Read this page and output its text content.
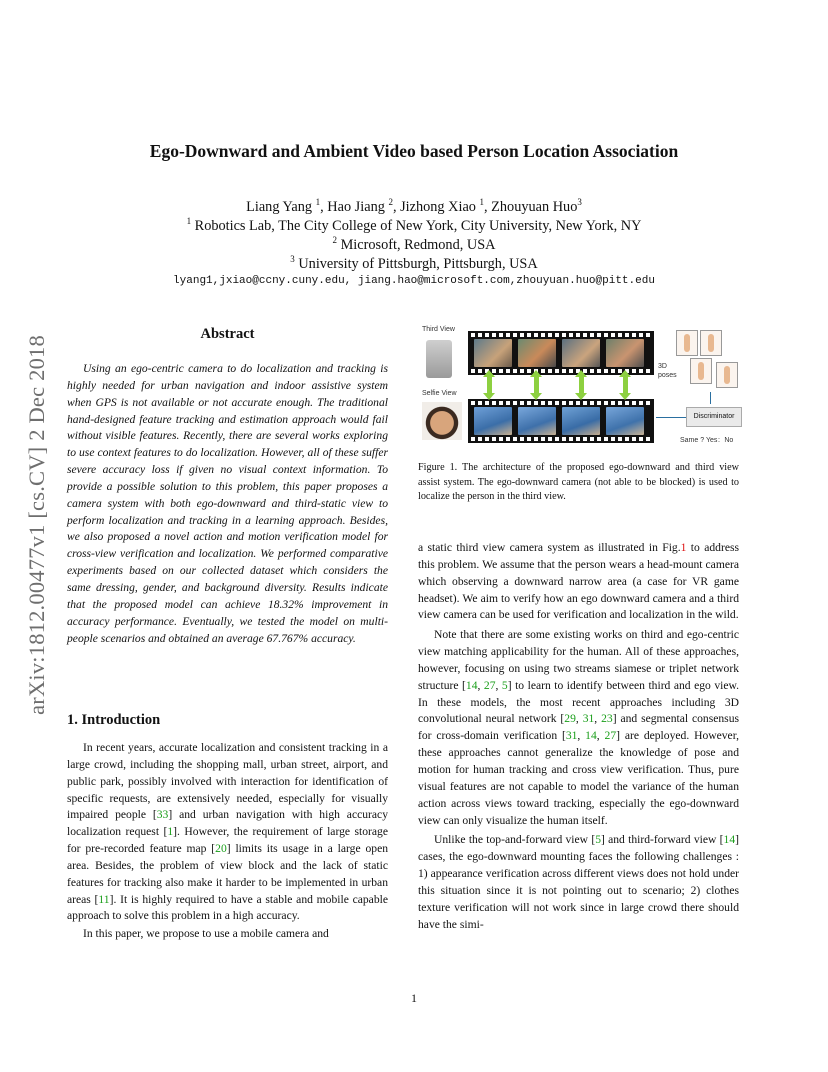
arXiv:1812.00477v1 [cs.CV] 2 Dec 2018
Ego-Downward and Ambient Video based Person Location Association
Liang Yang $^1$, Hao Jiang $^2$, Jizhong Xiao $^1$, Zhouyuan Huo$^3$
$^1$ Robotics Lab, The City College of New York, City University, New York, NY
$^2$ Microsoft, Redmond, USA
$^3$ University of Pittsburgh, Pittsburgh, USA
lyang1,jxiao@ccny.cuny.edu, jiang.hao@microsoft.com,zhouyuan.huo@pitt.edu
Abstract

Using an ego-centric camera to do localization and tracking is highly needed for urban navigation and indoor assistive system when GPS is not available or not accurate enough. The traditional hand-designed feature tracking and estimation approach would fail without visible features. Recently, there are several works exploring to use context features to do localization. However, all of these suffer severe accuracy loss if given no visual context information. To provide a possible solution to this problem, this paper proposes a camera system with both ego-downward and third-static view to perform localization and tracking in a learning approach. Besides, we also proposed a novel action and motion verification model for cross-view verification and localization. We performed comparative experiments based on our collected dataset which considers the same dressing, gender, and background diversity. Results indicate that the proposed model can achieve 18.32% improvement in accuracy performance. Eventually, we tested the model on multi-people scenarios and obtained an average 67.767% accuracy.

1. Introduction

In recent years, accurate localization and consistent tracking in a large crowd, including the shopping mall, urban street, airport, and public park, possibly involved with interaction for identification of specific requests, are extensively needed, especially for visually impaired people [33] and urban navigation with high accuracy localization request [1]. However, the requirement of large storage for pre-recorded feature map [20] limits its usage in a large open area. Besides, the problem of view block and the lack of static features for tracking also make it harder to be implemented in urban areas [11]. It is highly required to have a stable and mobile capable approach to solve this problem in a high accuracy.

In this paper, we propose to use a mobile camera and

Third View
Selfie View
3D
poses
Discriminator
Same ? Yes：No
Figure 1. The architecture of the proposed ego-downward and third view assist system. The ego-downward camera (not able to be blocked) is used to localize the person in the third view.

a static third view camera system as illustrated in Fig.1 to address this problem. We assume that the person wears a head-mount camera which observing a downward narrow area (a case for VR game headset). We aim to verify how an ego downward camera and a third view camera can be used for verification and localization in the wild.

Note that there are some existing works on third and ego-centric view matching applicability for the human. All of these approaches, however, focusing on using two streams siamese or triplet network structure [14, 27, 5] to learn to identify between third and ego view. In these models, the most recent approaches including 3D convolutional neural network [29, 31, 23] and segmental consensus for cross-domain verification [31, 14, 27] are deployed. However, these approaches cannot generalize the knowledge of pose and motion for human tracking and cross view verification. Thus, pure visual features are not capable to model the variance of the human action across views toward tracking, especially the ego-downward view can only visualize the human itself.

Unlike the top-and-forward view [5] and third-forward view [14] cases, the ego-downward mounting faces the following challenges : 1) appearance verification across different views does not hold under this situation since it is not pointing out to scenario; 2) clothes texture verification will not work since in large crowd there should have the simi-

1
